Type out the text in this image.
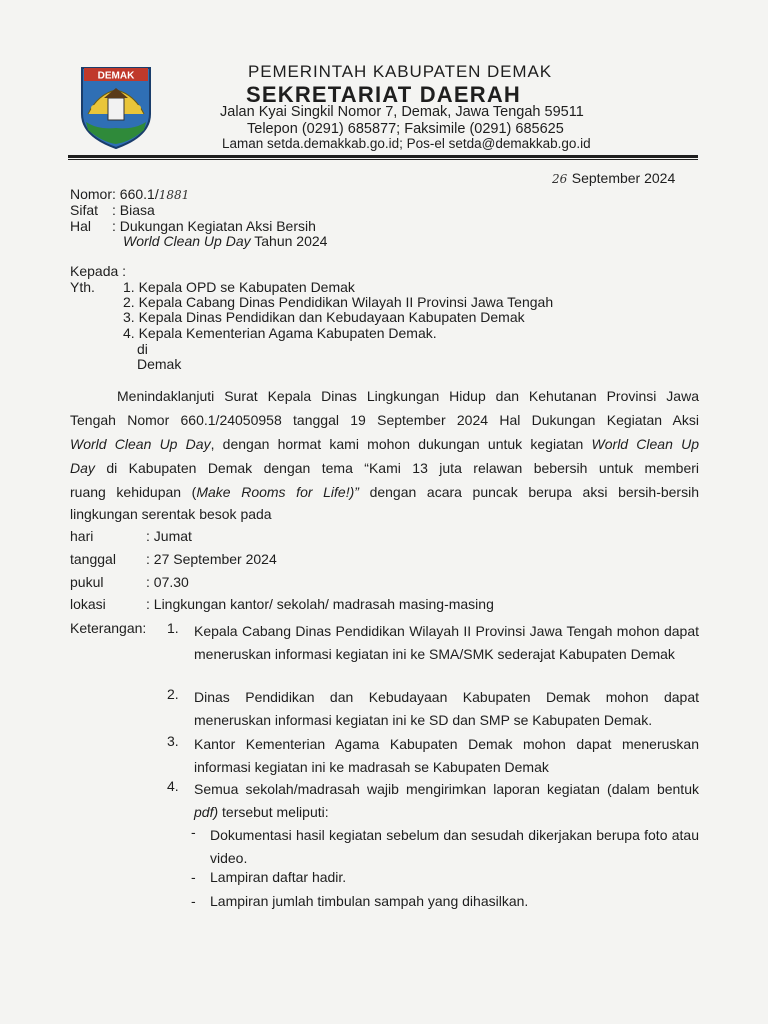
DEMAK	PEMERINTAH KABUPATEN DEMAK
SEKRETARIAT DAERAH
Jalan Kyai Singkil Nomor 7, Demak, Jawa Tengah 59511
Telepon (0291) 685877; Faksimile (0291) 685625
Laman setda.demakkab.go.id; Pos-el setda@demakkab.go.id
26 September 2024
Nomor: 660.1/1881
Sifat : Biasa
Hal : Dukungan Kegiatan Aksi Bersih
World Clean Up Day Tahun 2024
Kepada :
Yth. 1. Kepala OPD se Kabupaten Demak
2. Kepala Cabang Dinas Pendidikan Wilayah II Provinsi Jawa Tengah
3. Kepala Dinas Pendidikan dan Kebudayaan Kabupaten Demak
4. Kepala Kementerian Agama Kabupaten Demak.
di
Demak
Menindaklanjuti Surat Kepala Dinas Lingkungan Hidup dan Kehutanan Provinsi Jawa
Tengah Nomor 660.1/24050958 tanggal 19 September 2024 Hal Dukungan Kegiatan Aksi
World Clean Up Day, dengan hormat kami mohon dukungan untuk kegiatan World Clean Up
Day di Kabupaten Demak dengan tema “Kami 13 juta relawan bebersih untuk memberi
ruang kehidupan (Make Rooms for Life!)” dengan acara puncak berupa aksi bersih-bersih
lingkungan serentak besok pada
hari	: Jumat
tanggal : 27 September 2024
pukul	: 07.30
lokasi	: Lingkungan kantor/ sekolah/ madrasah masing-masing
Keterangan: 1. Kepala Cabang Dinas Pendidikan Wilayah II Provinsi Jawa Tengah mohon dapat meneruskan informasi kegiatan ini ke SMA/SMK sederajat Kabupaten Demak
2. Dinas Pendidikan dan Kebudayaan Kabupaten Demak mohon dapat meneruskan informasi kegiatan ini ke SD dan SMP se Kabupaten Demak.
3. Kantor Kementerian Agama Kabupaten Demak mohon dapat meneruskan informasi kegiatan ini ke madrasah se Kabupaten Demak
4. Semua sekolah/madrasah wajib mengirimkan laporan kegiatan (dalam bentuk pdf) tersebut meliputi:
- Dokumentasi hasil kegiatan sebelum dan sesudah dikerjakan berupa foto atau video.
- Lampiran daftar hadir.
- Lampiran jumlah timbulan sampah yang dihasilkan.
